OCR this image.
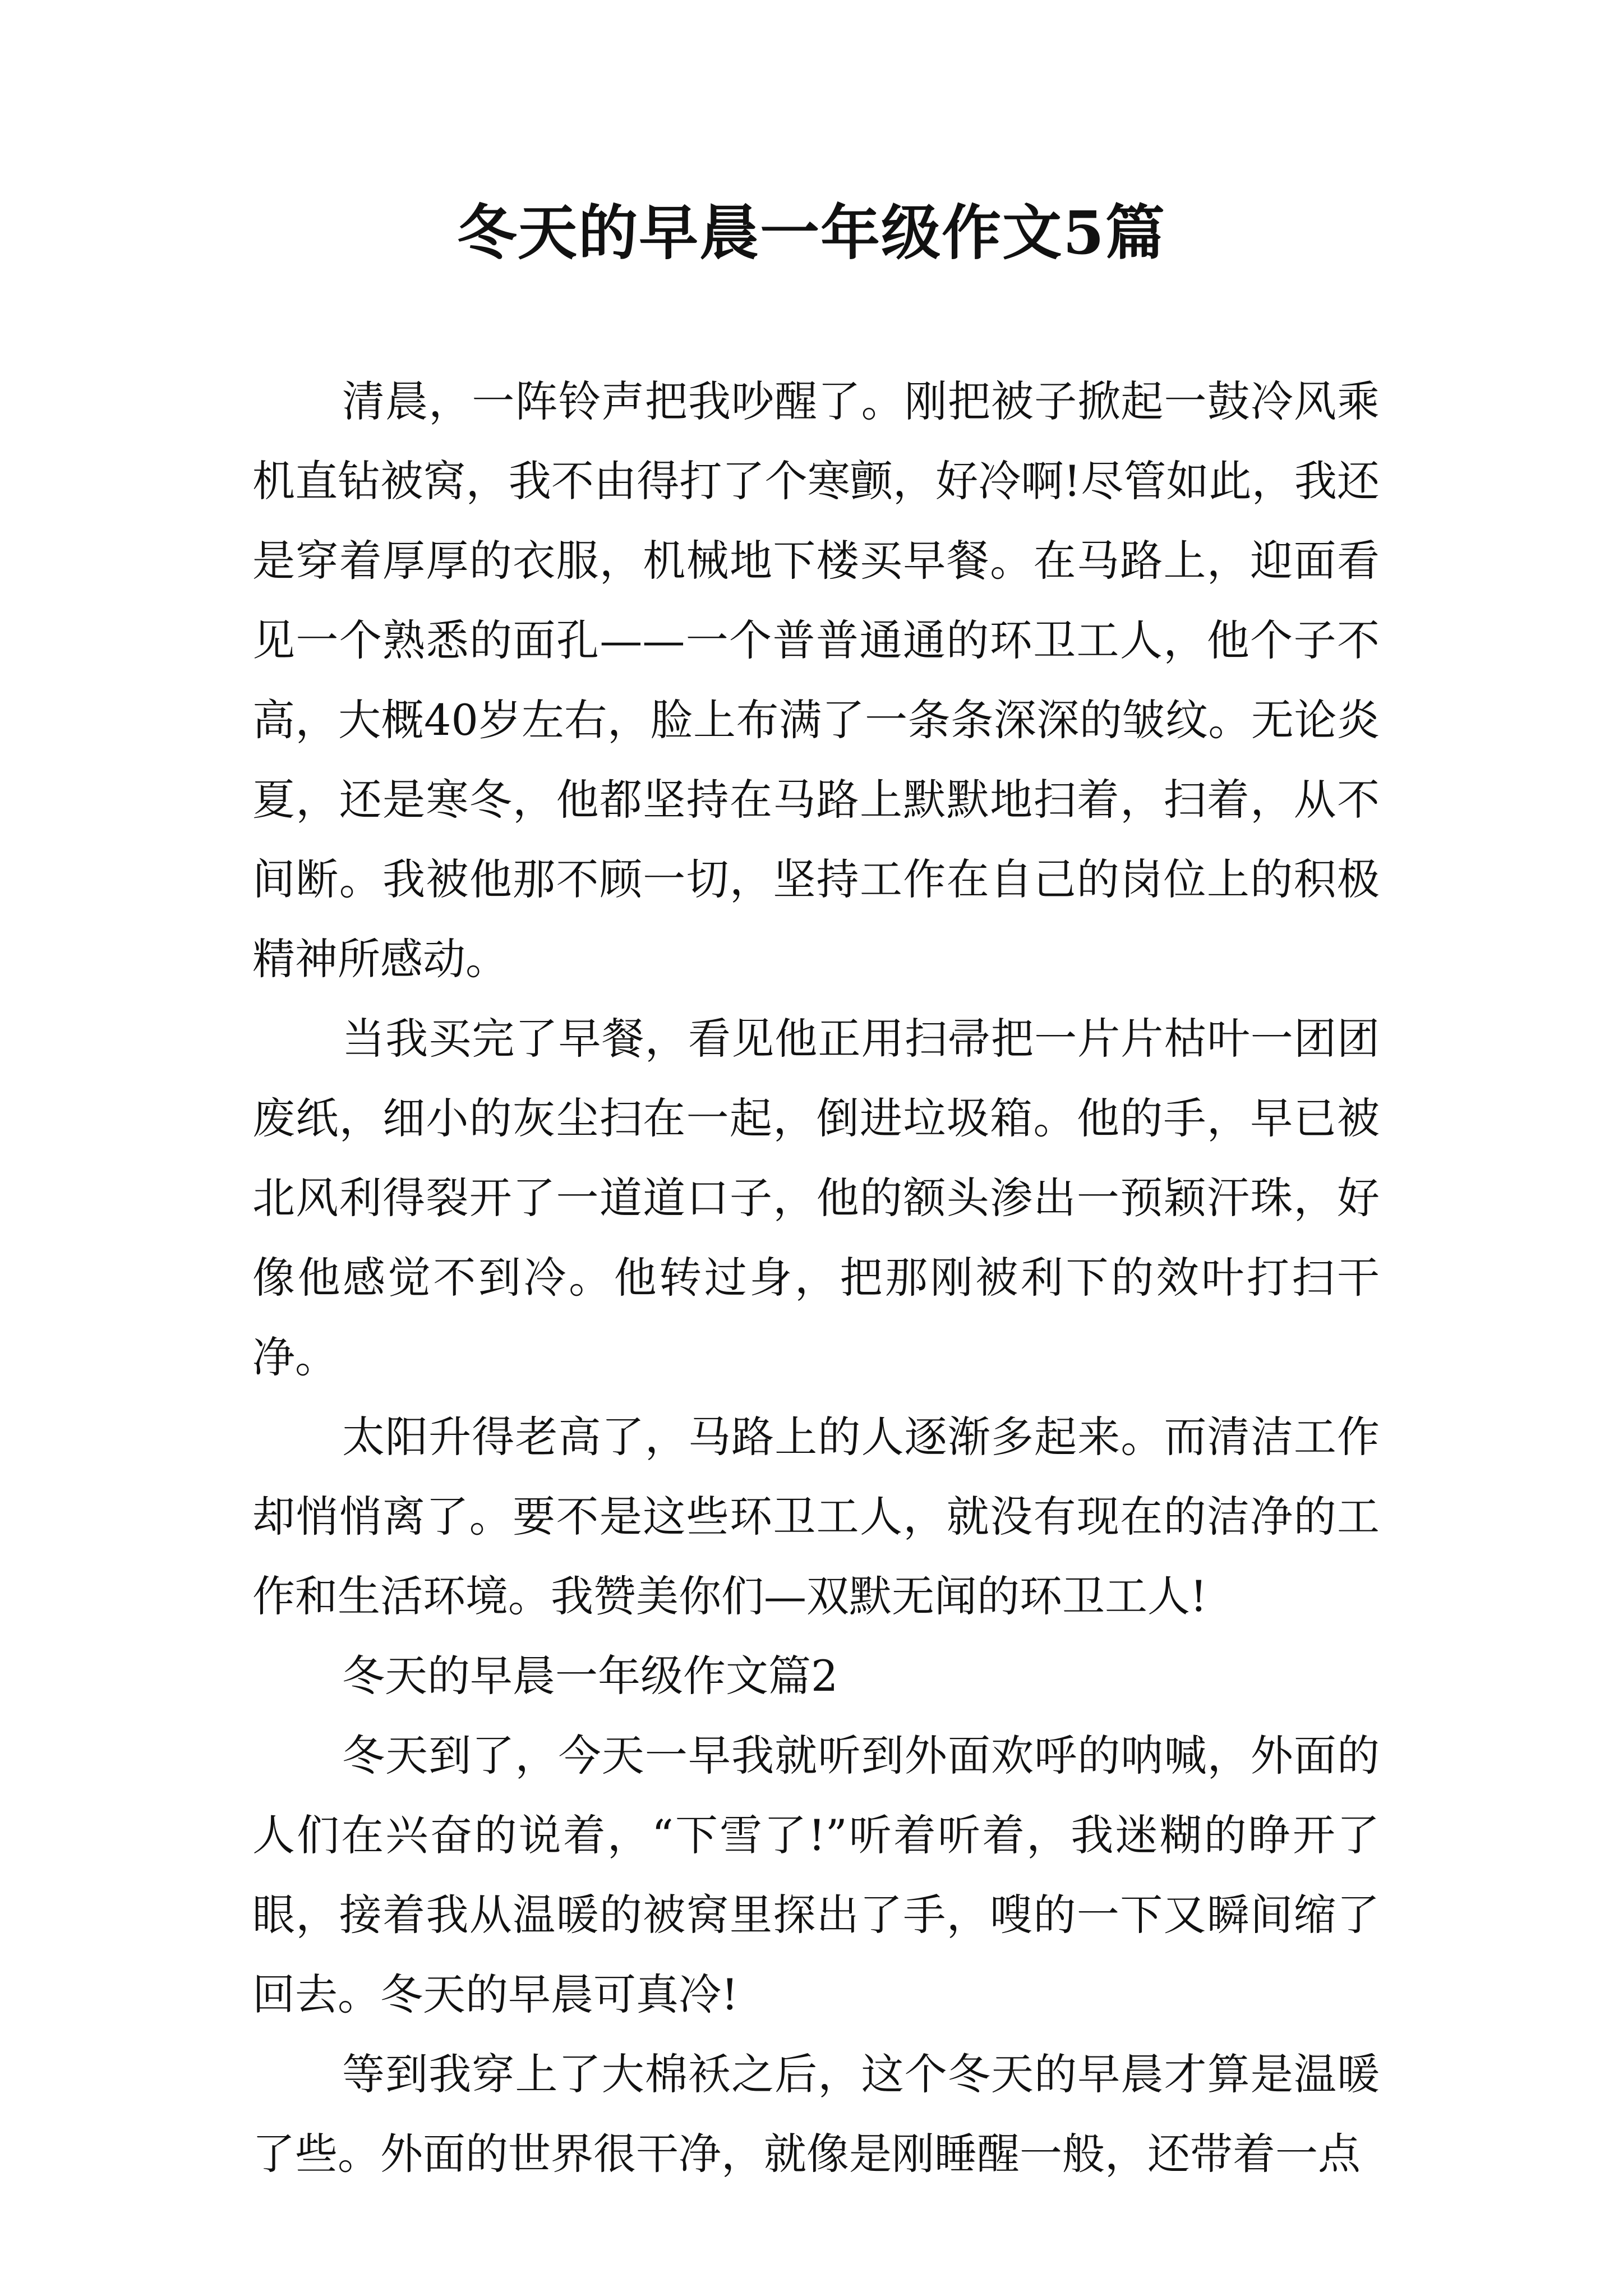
冬天的早晨一年级作文5篇

清晨，一阵铃声把我吵醒了。刚把被子掀起一鼓冷风乘机直钻被窝，我不由得打了个寒颤，好冷啊!尽管如此，我还是穿着厚厚的衣服，机械地下楼买早餐。在马路上，迎面看见一个熟悉的面孔——一个普普通通的环卫工人，他个子不高，大概40岁左右，脸上布满了一条条深深的皱纹。无论炎夏，还是寒冬，他都坚持在马路上默默地扫着，扫着，从不间断。我被他那不顾一切，坚持工作在自己的岗位上的积极精神所感动。

当我买完了早餐，看见他正用扫帚把一片片枯叶一团团废纸，细小的灰尘扫在一起，倒进垃圾箱。他的手，早已被北风利得裂开了一道道口子，他的额头渗出一预颖汗珠，好像他感觉不到冷。他转过身，把那刚被利下的效叶打扫干净。

太阳升得老高了，马路上的人逐渐多起来。而清洁工作却悄悄离了。要不是这些环卫工人，就没有现在的洁净的工作和生活环境。我赞美你们—双默无闻的环卫工人!

冬天的早晨一年级作文篇2

冬天到了，今天一早我就听到外面欢呼的呐喊，外面的人们在兴奋的说着，“下雪了!”听着听着，我迷糊的睁开了眼，接着我从温暖的被窝里探出了手，嗖的一下又瞬间缩了回去。冬天的早晨可真冷!

等到我穿上了大棉袄之后，这个冬天的早晨才算是温暖了些。外面的世界很干净，就像是刚睡醒一般，还带着一点
